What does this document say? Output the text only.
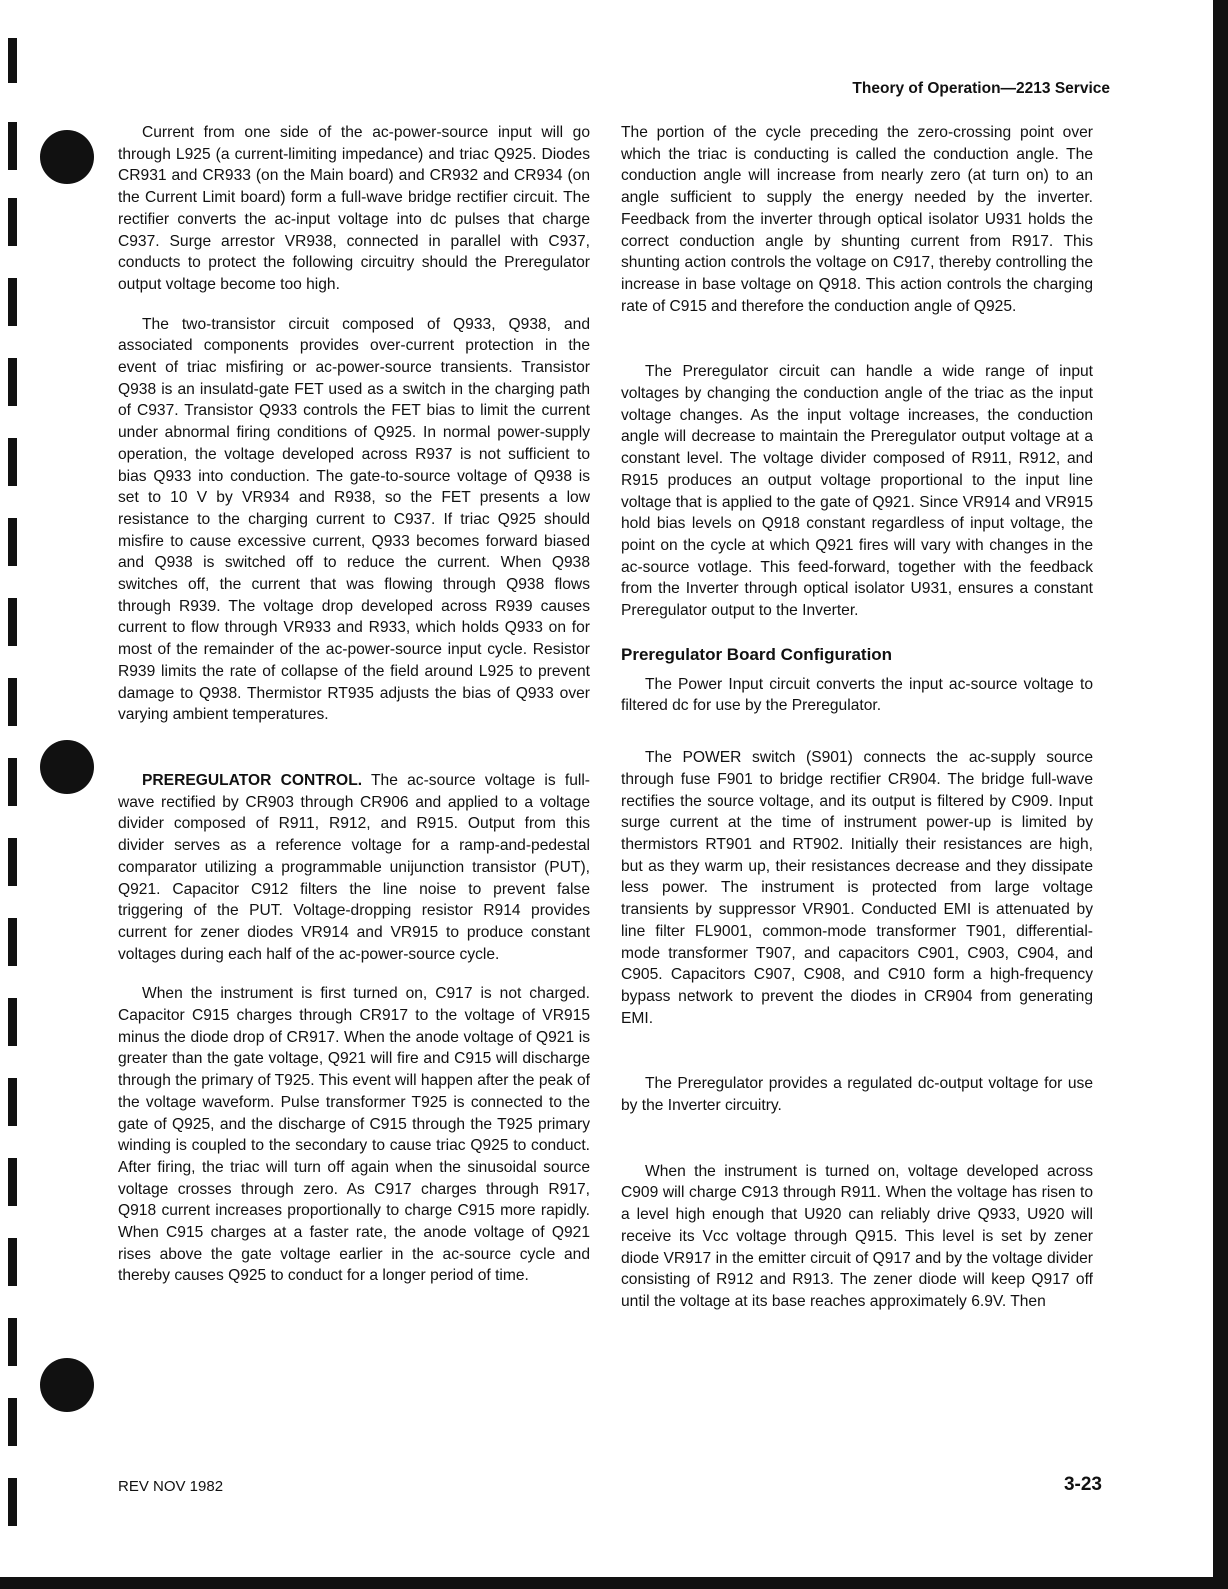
Theory of Operation—2213 Service

Current from one side of the ac-power-source input will go through L925 (a current-limiting impedance) and triac Q925. Diodes CR931 and CR933 (on the Main board) and CR932 and CR934 (on the Current Limit board) form a full-wave bridge rectifier circuit. The rectifier converts the ac-input voltage into dc pulses that charge C937. Surge arrestor VR938, connected in parallel with C937, conducts to protect the following circuitry should the Preregulator output voltage become too high.

The two-transistor circuit composed of Q933, Q938, and associated components provides over-current protection in the event of triac misfiring or ac-power-source transients. Transistor Q938 is an insulatd-gate FET used as a switch in the charging path of C937. Transistor Q933 controls the FET bias to limit the current under abnormal firing conditions of Q925. In normal power-supply operation, the voltage developed across R937 is not sufficient to bias Q933 into conduction. The gate-to-source voltage of Q938 is set to 10 V by VR934 and R938, so the FET presents a low resistance to the charging current to C937. If triac Q925 should misfire to cause excessive current, Q933 becomes forward biased and Q938 is switched off to reduce the current. When Q938 switches off, the current that was flowing through Q938 flows through R939. The voltage drop developed across R939 causes current to flow through VR933 and R933, which holds Q933 on for most of the remainder of the ac-power-source input cycle. Resistor R939 limits the rate of collapse of the field around L925 to prevent damage to Q938. Thermistor RT935 adjusts the bias of Q933 over varying ambient temperatures.

PREREGULATOR CONTROL. The ac-source voltage is full-wave rectified by CR903 through CR906 and applied to a voltage divider composed of R911, R912, and R915. Output from this divider serves as a reference voltage for a ramp-and-pedestal comparator utilizing a programmable unijunction transistor (PUT), Q921. Capacitor C912 filters the line noise to prevent false triggering of the PUT. Voltage-dropping resistor R914 provides current for zener diodes VR914 and VR915 to produce constant voltages during each half of the ac-power-source cycle.

When the instrument is first turned on, C917 is not charged. Capacitor C915 charges through CR917 to the voltage of VR915 minus the diode drop of CR917. When the anode voltage of Q921 is greater than the gate voltage, Q921 will fire and C915 will discharge through the primary of T925. This event will happen after the peak of the voltage waveform. Pulse transformer T925 is connected to the gate of Q925, and the discharge of C915 through the T925 primary winding is coupled to the secondary to cause triac Q925 to conduct. After firing, the triac will turn off again when the sinusoidal source voltage crosses through zero. As C917 charges through R917, Q918 current increases proportionally to charge C915 more rapidly. When C915 charges at a faster rate, the anode voltage of Q921 rises above the gate voltage earlier in the ac-source cycle and thereby causes Q925 to conduct for a longer period of time.

The portion of the cycle preceding the zero-crossing point over which the triac is conducting is called the conduction angle. The conduction angle will increase from nearly zero (at turn on) to an angle sufficient to supply the energy needed by the inverter. Feedback from the inverter through optical isolator U931 holds the correct conduction angle by shunting current from R917. This shunting action controls the voltage on C917, thereby controlling the increase in base voltage on Q918. This action controls the charging rate of C915 and therefore the conduction angle of Q925.

The Preregulator circuit can handle a wide range of input voltages by changing the conduction angle of the triac as the input voltage changes. As the input voltage increases, the conduction angle will decrease to maintain the Preregulator output voltage at a constant level. The voltage divider composed of R911, R912, and R915 produces an output voltage proportional to the input line voltage that is applied to the gate of Q921. Since VR914 and VR915 hold bias levels on Q918 constant regardless of input voltage, the point on the cycle at which Q921 fires will vary with changes in the ac-source votlage. This feed-forward, together with the feedback from the Inverter through optical isolator U931, ensures a constant Preregulator output to the Inverter.

Preregulator Board Configuration

The Power Input circuit converts the input ac-source voltage to filtered dc for use by the Preregulator.

The POWER switch (S901) connects the ac-supply source through fuse F901 to bridge rectifier CR904. The bridge full-wave rectifies the source voltage, and its output is filtered by C909. Input surge current at the time of instrument power-up is limited by thermistors RT901 and RT902. Initially their resistances are high, but as they warm up, their resistances decrease and they dissipate less power. The instrument is protected from large voltage transients by suppressor VR901. Conducted EMI is attenuated by line filter FL9001, common-mode transformer T901, differential-mode transformer T907, and capacitors C901, C903, C904, and C905. Capacitors C907, C908, and C910 form a high-frequency bypass network to prevent the diodes in CR904 from generating EMI.

The Preregulator provides a regulated dc-output voltage for use by the Inverter circuitry.

When the instrument is turned on, voltage developed across C909 will charge C913 through R911. When the voltage has risen to a level high enough that U920 can reliably drive Q933, U920 will receive its Vcc voltage through Q915. This level is set by zener diode VR917 in the emitter circuit of Q917 and by the voltage divider consisting of R912 and R913. The zener diode will keep Q917 off until the voltage at its base reaches approximately 6.9V. Then

REV NOV 1982	3-23
